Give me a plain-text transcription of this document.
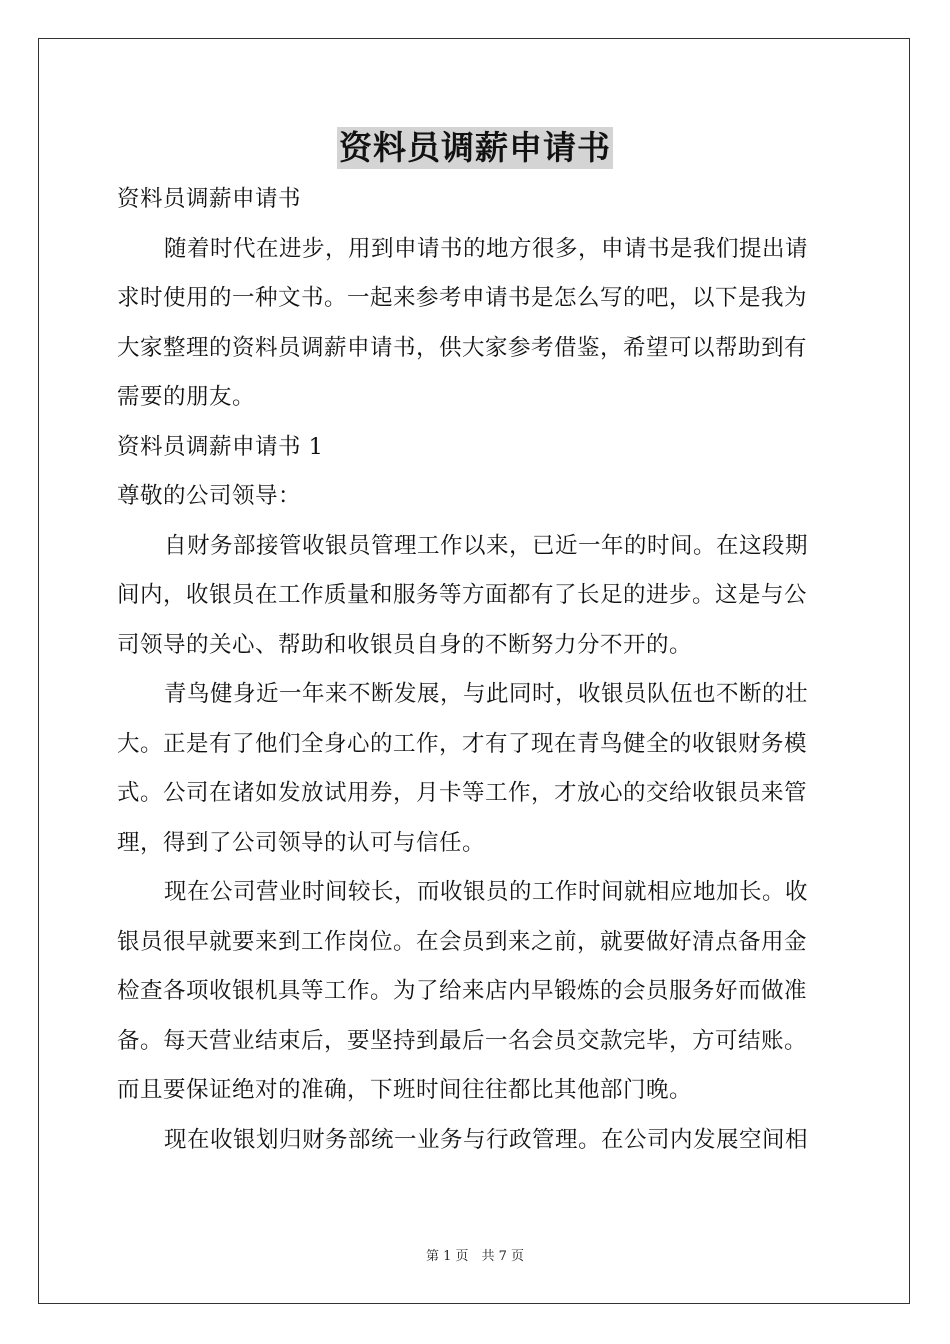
资料员调薪申请书
资料员调薪申请书
随着时代在进步，用到申请书的地方很多，申请书是我们提出请
求时使用的一种文书。一起来参考申请书是怎么写的吧，以下是我为
大家整理的资料员调薪申请书，供大家参考借鉴，希望可以帮助到有
需要的朋友。
资料员调薪申请书 1
尊敬的公司领导：
自财务部接管收银员管理工作以来，已近一年的时间。在这段期
间内，收银员在工作质量和服务等方面都有了长足的进步。这是与公
司领导的关心、帮助和收银员自身的不断努力分不开的。
青鸟健身近一年来不断发展，与此同时，收银员队伍也不断的壮
大。正是有了他们全身心的工作，才有了现在青鸟健全的收银财务模
式。公司在诸如发放试用券，月卡等工作，才放心的交给收银员来管
理，得到了公司领导的认可与信任。
现在公司营业时间较长，而收银员的工作时间就相应地加长。收
银员很早就要来到工作岗位。在会员到来之前，就要做好清点备用金
检查各项收银机具等工作。为了给来店内早锻炼的会员服务好而做准
备。每天营业结束后，要坚持到最后一名会员交款完毕，方可结账。
而且要保证绝对的准确，下班时间往往都比其他部门晚。
现在收银划归财务部统一业务与行政管理。在公司内发展空间相
第 1 页　共 7 页
